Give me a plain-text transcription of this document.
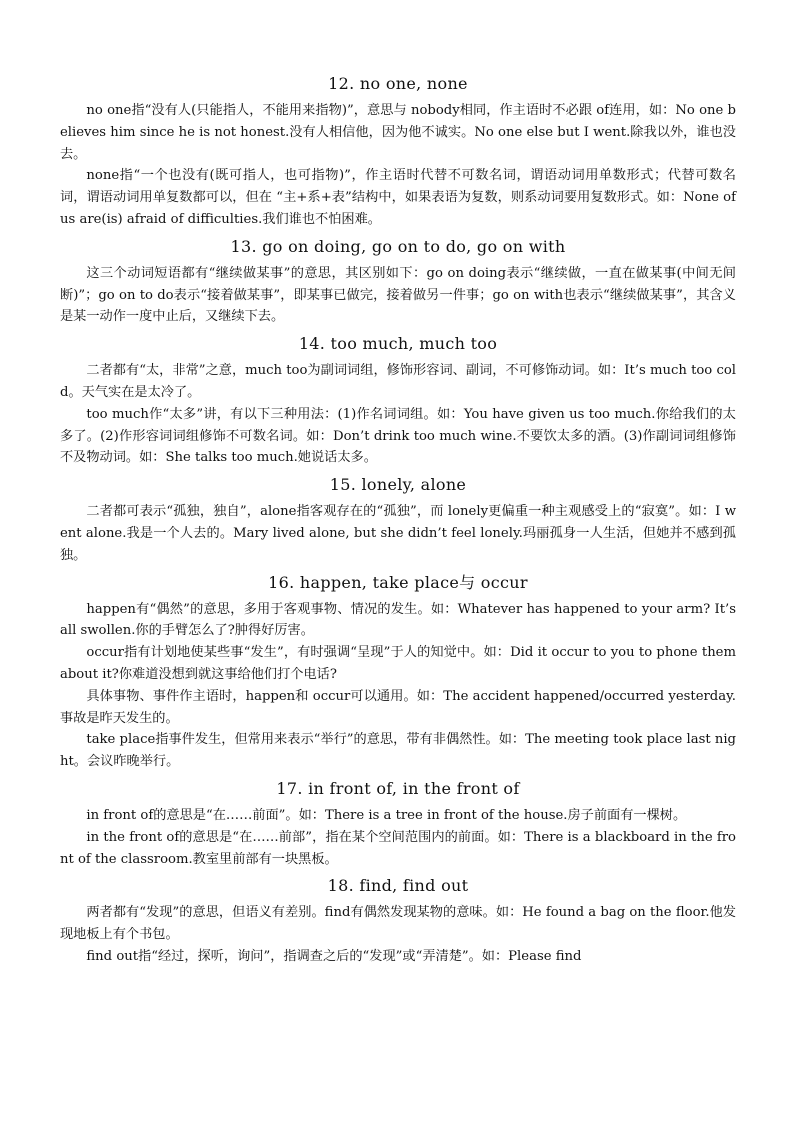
12. no one, none

no one指“没有人(只能指人，不能用来指物)”，意思与 nobody相同，作主语时不必跟 of连用，如：No one believes him since he is not honest.没有人相信他，因为他不诚实。No one else but I went.除我以外，谁也没去。

none指“一个也没有(既可指人，也可指物)”，作主语时代替不可数名词，谓语动词用单数形式；代替可数名词，谓语动词用单复数都可以，但在 “主+系+表”结构中，如果表语为复数，则系动词要用复数形式。如：None of us are(is) afraid of difficulties.我们谁也不怕困难。

13. go on doing, go on to do, go on with

这三个动词短语都有“继续做某事”的意思，其区别如下：go on doing表示“继续做，一直在做某事(中间无间断)”；go on to do表示“接着做某事”，即某事已做完，接着做另一件事；go on with也表示“继续做某事”，其含义是某一动作一度中止后，又继续下去。

14. too much, much too

二者都有“太，非常”之意，much too为副词词组，修饰形容词、副词，不可修饰动词。如：It’s much too cold。天气实在是太冷了。

too much作“太多”讲，有以下三种用法：(1)作名词词组。如：You have given us too much.你给我们的太多了。(2)作形容词词组修饰不可数名词。如：Don’t drink too much wine.不要饮太多的酒。(3)作副词词组修饰不及物动词。如：She talks too much.她说话太多。

15. lonely, alone

二者都可表示“孤独，独自”，alone指客观存在的“孤独”，而 lonely更偏重一种主观感受上的“寂寞”。如：I went alone.我是一个人去的。Mary lived alone, but she didn’t feel lonely.玛丽孤身一人生活，但她并不感到孤独。

16. happen, take place与 occur

happen有“偶然”的意思，多用于客观事物、情况的发生。如：Whatever has happened to your arm? It’s all swollen.你的手臂怎么了?肿得好厉害。

occur指有计划地使某些事“发生”，有时强调“呈现”于人的知觉中。如：Did it occur to you to phone them about it?你难道没想到就这事给他们打个电话?

具体事物、事件作主语时，happen和 occur可以通用。如：The accident happened/occurred yesterday.事故是昨天发生的。

take place指事件发生，但常用来表示“举行”的意思，带有非偶然性。如：The meeting took place last night。会议昨晚举行。

17. in front of, in the front of

in front of的意思是“在……前面”。如：There is a tree in front of the house.房子前面有一棵树。

in the front of的意思是“在……前部”，指在某个空间范围内的前面。如：There is a blackboard in the front of the classroom.教室里前部有一块黑板。

18. find, find out

两者都有“发现”的意思，但语义有差别。find有偶然发现某物的意味。如：He found a bag on the floor.他发现地板上有个书包。

find out指“经过，探听，询问”，指调查之后的“发现”或“弄清楚”。如：Please find
